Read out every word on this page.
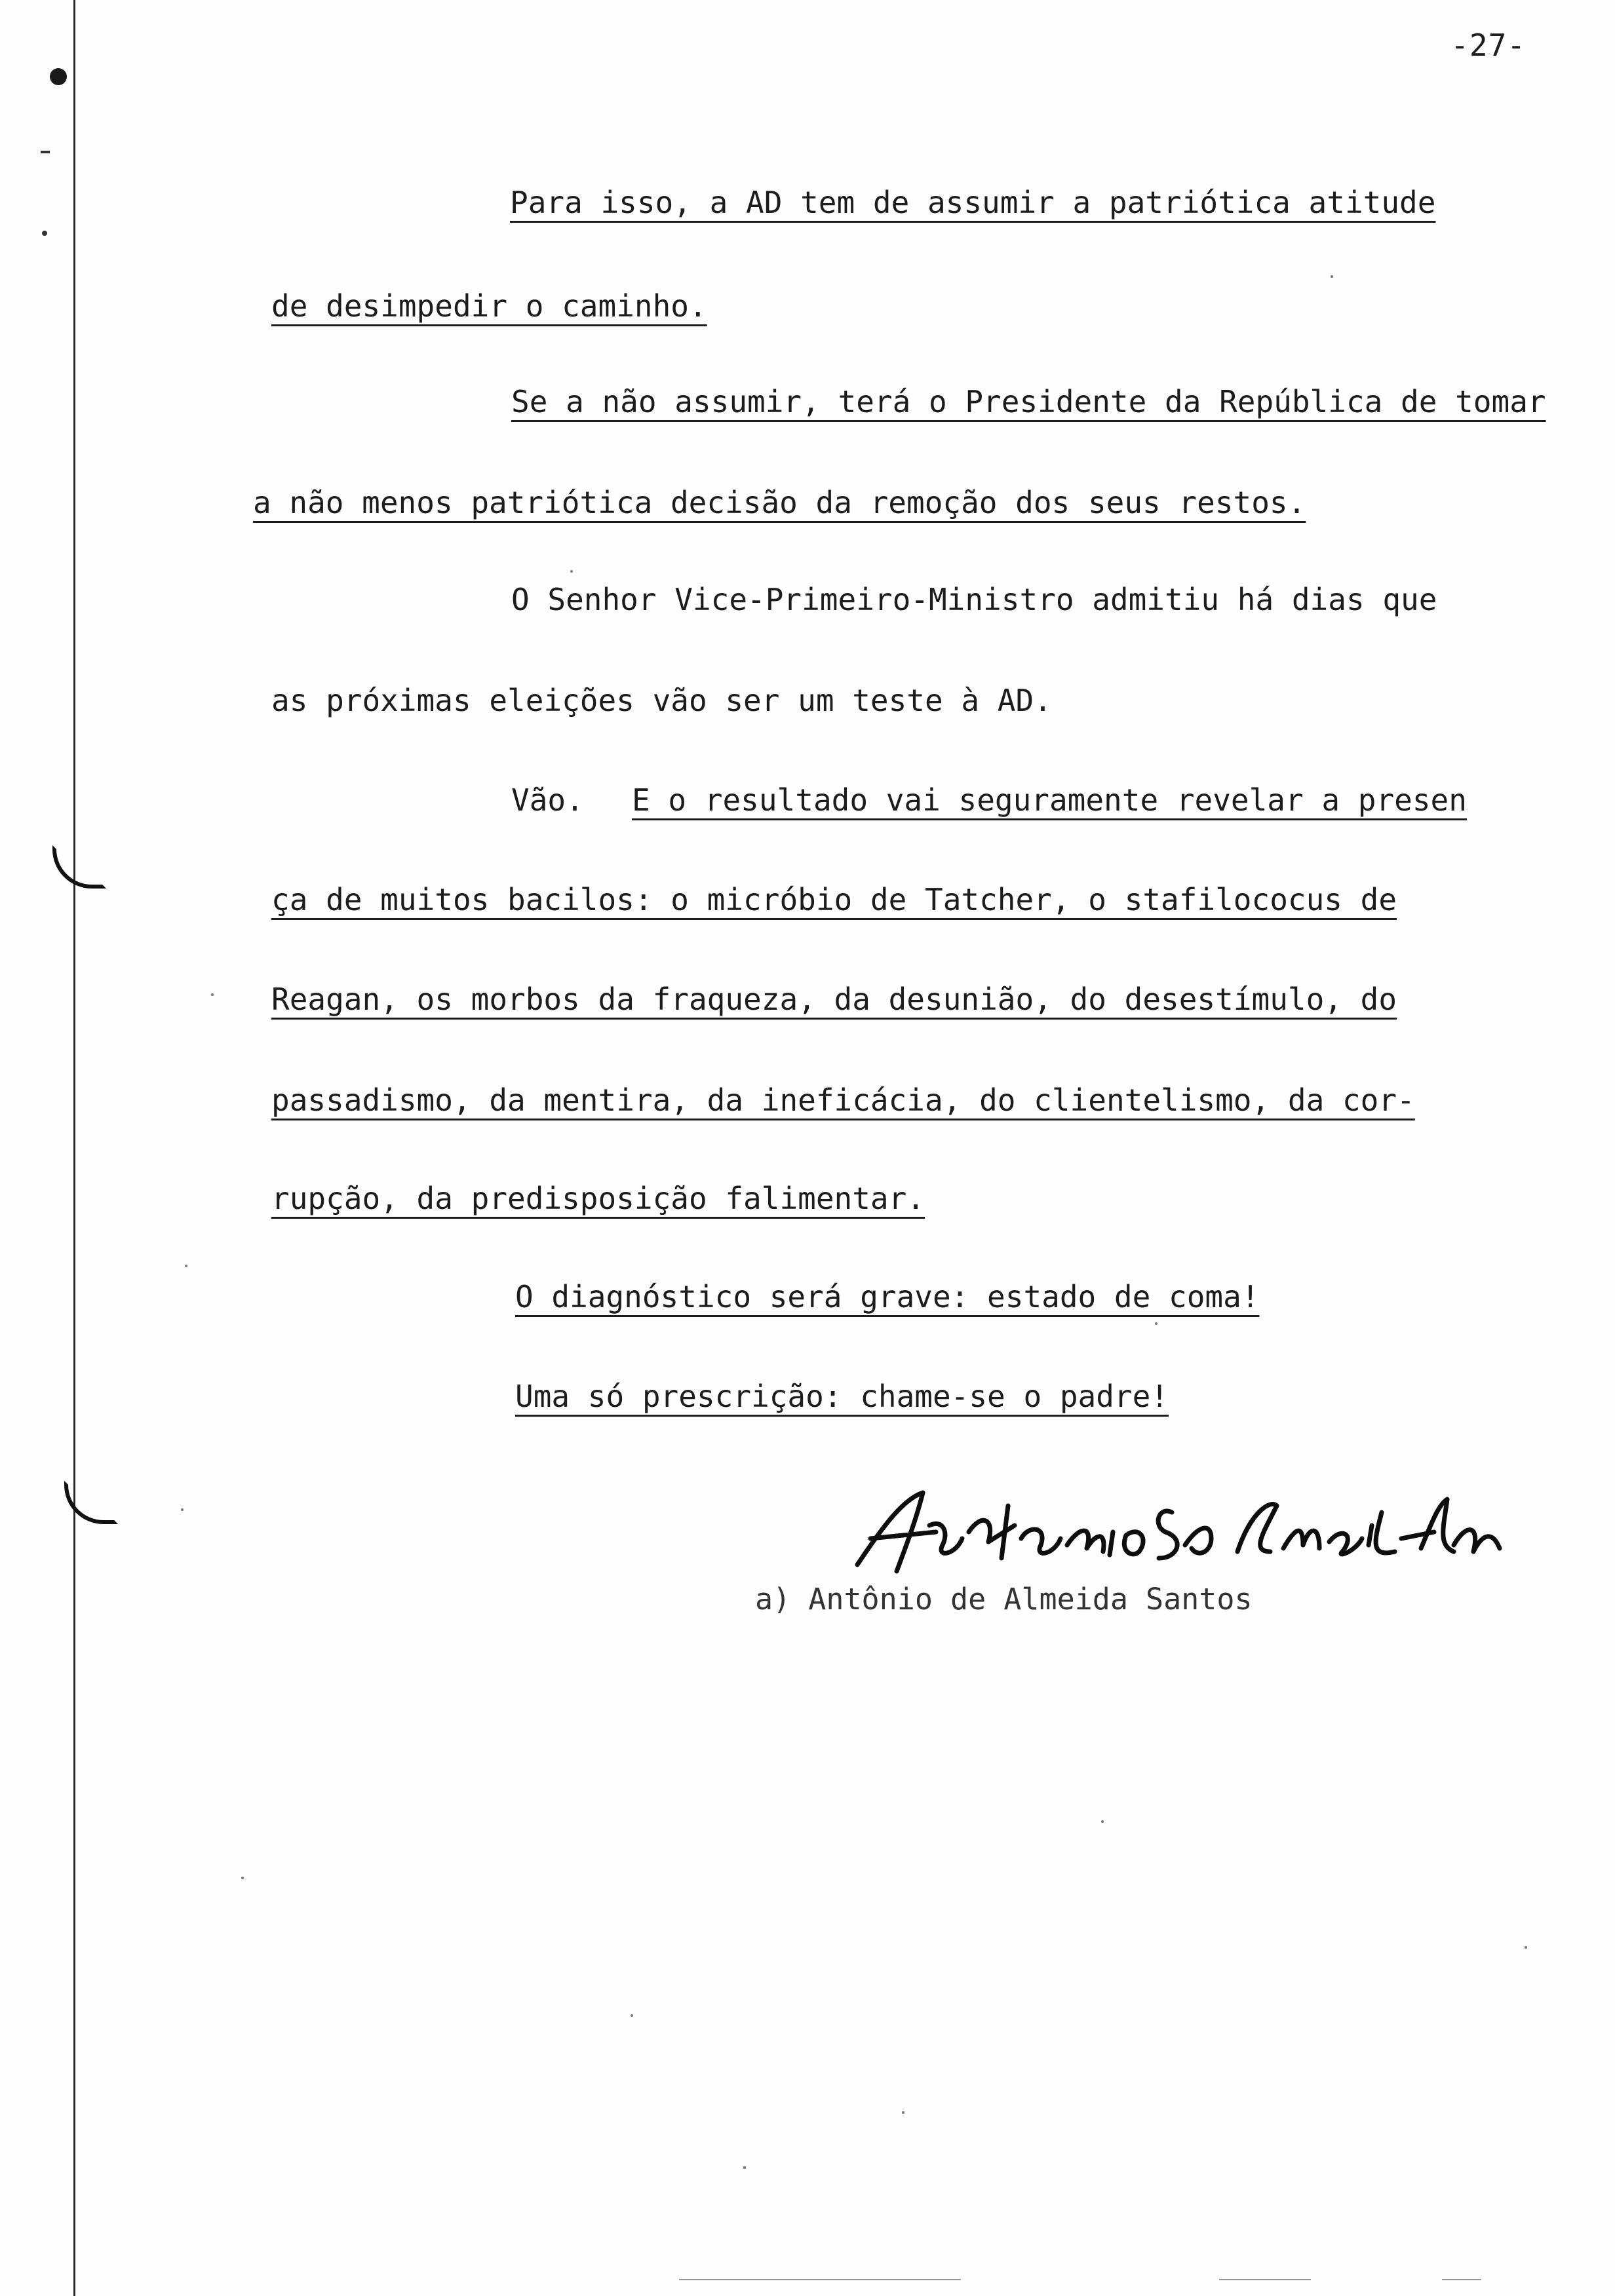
-27-
Para isso, a AD tem de assumir a patriótica atitude
de desimpedir o caminho.
Se a não assumir, terá o Presidente da República de tomar
a não menos patriótica decisão da remoção dos seus restos.
O Senhor Vice-Primeiro-Ministro admitiu há dias que
as próximas eleições vão ser um teste à AD.
Vão. E o resultado vai seguramente revelar a presen
ça de muitos bacilos: o micróbio de Tatcher, o stafilococus de
Reagan, os morbos da fraqueza, da desunião, do desestímulo, do
passadismo, da mentira, da ineficácia, do clientelismo, da cor-
rupção, da predisposição falimentar.
O diagnóstico será grave: estado de coma!
Uma só prescrição: chame-se o padre!
a) Antônio de Almeida Santos
